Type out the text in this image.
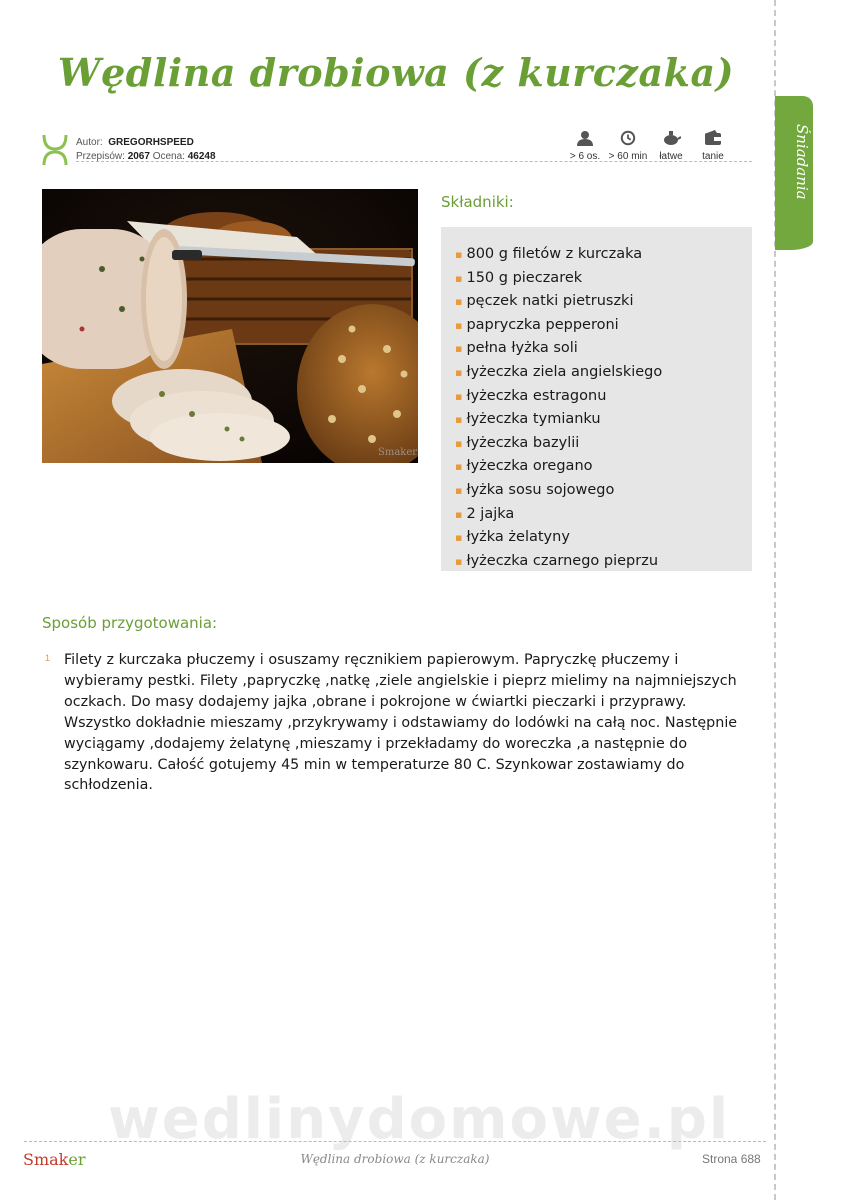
Śniadania
Wędlina drobiowa (z kurczaka)
Autor: GREGORHSPEED
Przepisów: 2067 Ocena: 46248	> 6 os. > 60 min	łatwe	tanie
Smaker
Składniki:
▪ 800 g filetów z kurczaka
▪ 150 g pieczarek
▪ pęczek natki pietruszki
▪ papryczka pepperoni
▪ pełna łyżka soli
▪ łyżeczka ziela angielskiego
▪ łyżeczka estragonu
▪ łyżeczka tymianku
▪ łyżeczka bazylii
▪ łyżeczka oregano
▪ łyżka sosu sojowego
▪ 2 jajka
▪ łyżka żelatyny
▪ łyżeczka czarnego pieprzu
Sposób przygotowania:
1 Filety z kurczaka płuczemy i osuszamy ręcznikiem papierowym. Papryczkę płuczemy i wybieramy pestki. Filety ,papryczkę ,natkę ,ziele angielskie i pieprz mielimy na najmniejszych oczkach. Do masy dodajemy jajka ,obrane i pokrojone w ćwiartki pieczarki i przyprawy. Wszystko dokładnie mieszamy ,przykrywamy i odstawiamy do lodówki na całą noc. Następnie wyciągamy ,dodajemy żelatynę ,mieszamy i przekładamy do woreczka ,a następnie do szynkowaru. Całość gotujemy 45 min w temperaturze 80 C. Szynkowar zostawiamy do schłodzenia.
wedlinydomowe.pl
Smaker	Wędlina drobiowa (z kurczaka)	Strona 688
